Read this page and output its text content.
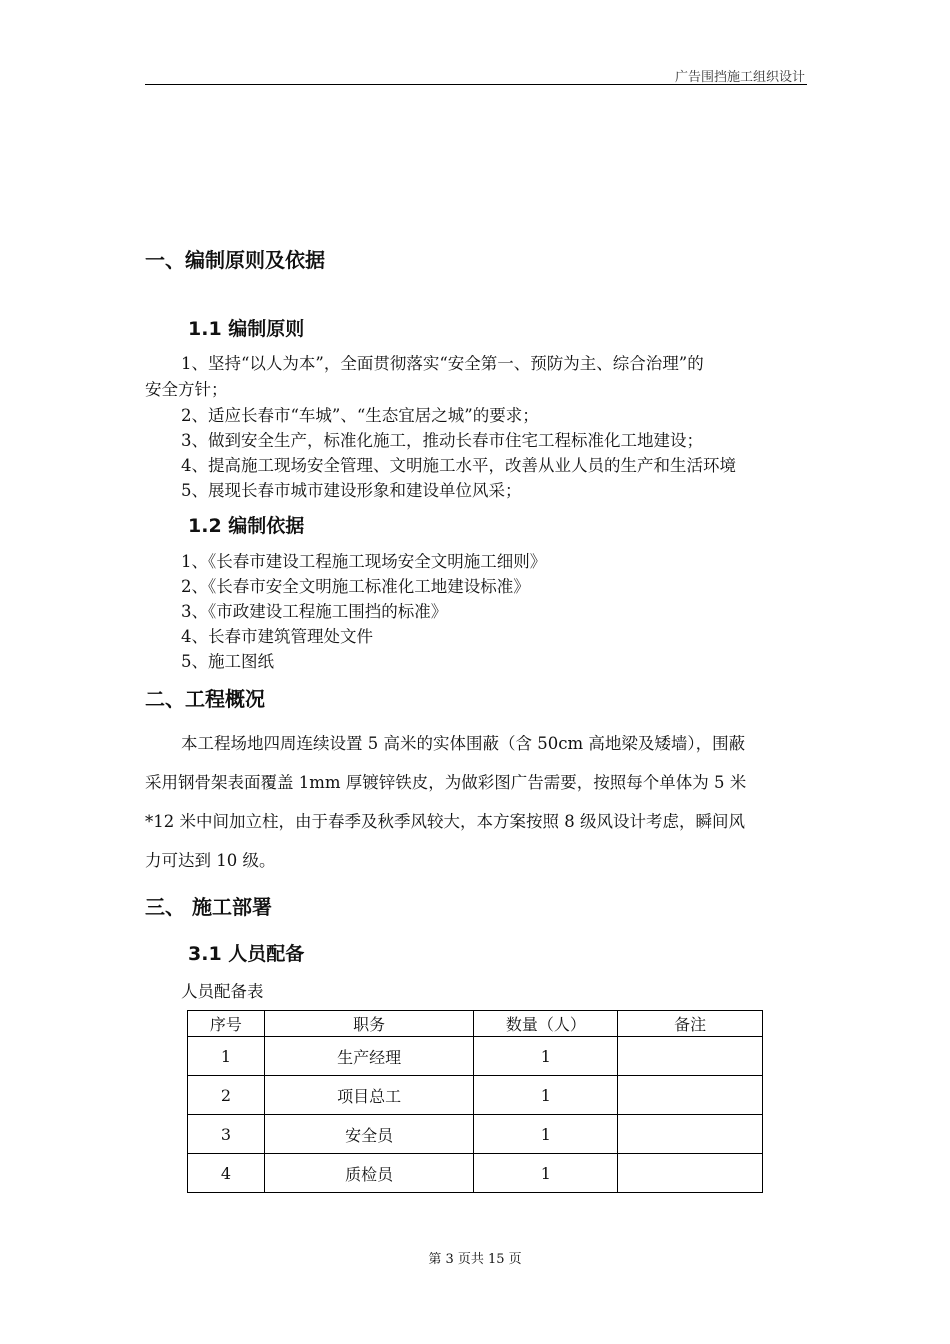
广告围挡施工组织设计
一、编制原则及依据
1.1 编制原则
1、坚持“以人为本”，全面贯彻落实“安全第一、预防为主、综合治理”的
安全方针；
2、适应长春市“车城”、“生态宜居之城”的要求；
3、做到安全生产，标准化施工，推动长春市住宅工程标准化工地建设；
4、提高施工现场安全管理、文明施工水平，改善从业人员的生产和生活环境
5、展现长春市城市建设形象和建设单位风采；
1.2 编制依据
1、《长春市建设工程施工现场安全文明施工细则》
2、《长春市安全文明施工标准化工地建设标准》
3、《市政建设工程施工围挡的标准》
4、长春市建筑管理处文件
5、施工图纸
二、工程概况
本工程场地四周连续设置 5 高米的实体围蔽（含 50cm 高地梁及矮墙），围蔽
采用钢骨架表面覆盖 1mm 厚镀锌铁皮，为做彩图广告需要，按照每个单体为 5 米
*12 米中间加立柱，由于春季及秋季风较大，本方案按照 8 级风设计考虑，瞬间风
力可达到 10 级。
三、 施工部署
3.1 人员配备
人员配备表
序号	职务	数量（人）	备注
1	生产经理	1	
2	项目总工	1	
3	安全员	1	
4	质检员	1	
第 3 页共 15 页
